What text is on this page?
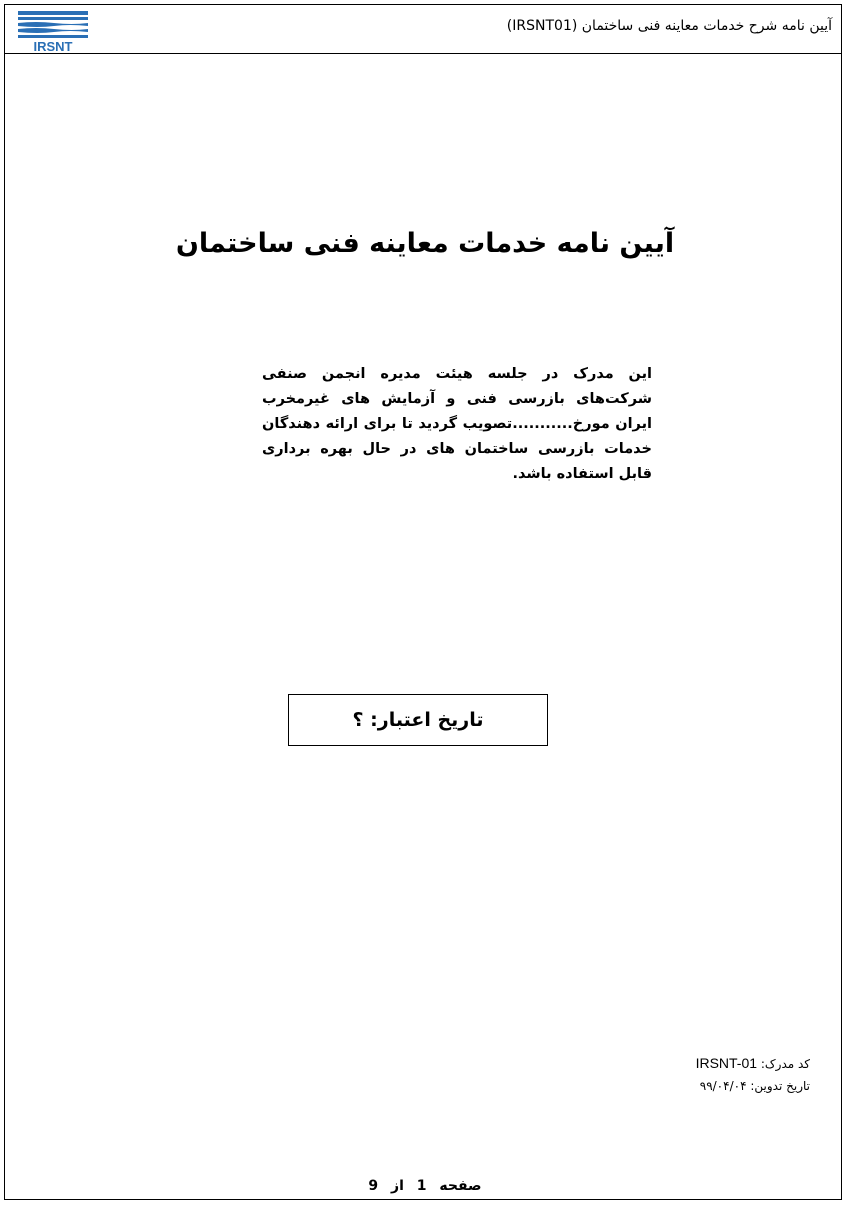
IRSNT
آیین نامه شرح خدمات معاینه فنی ساختمان (IRSNT01)
آیین نامه خدمات معاینه فنی ساختمان
این مدرک در جلسه هیئت مدیره انجمن صنفی شرکت‌های بازرسی فنی و آزمایش های غیرمخرب ایران مورخ...........تصویب گردید تا برای ارائه دهندگان خدمات بازرسی ساختمان های در حال بهره برداری قابل استفاده باشد.
تاریخ اعتبار: ؟
کد مدرک: IRSNT-01
تاریخ تدوین: ۹۹/۰۴/۰۴
صفحه 1 از 9
